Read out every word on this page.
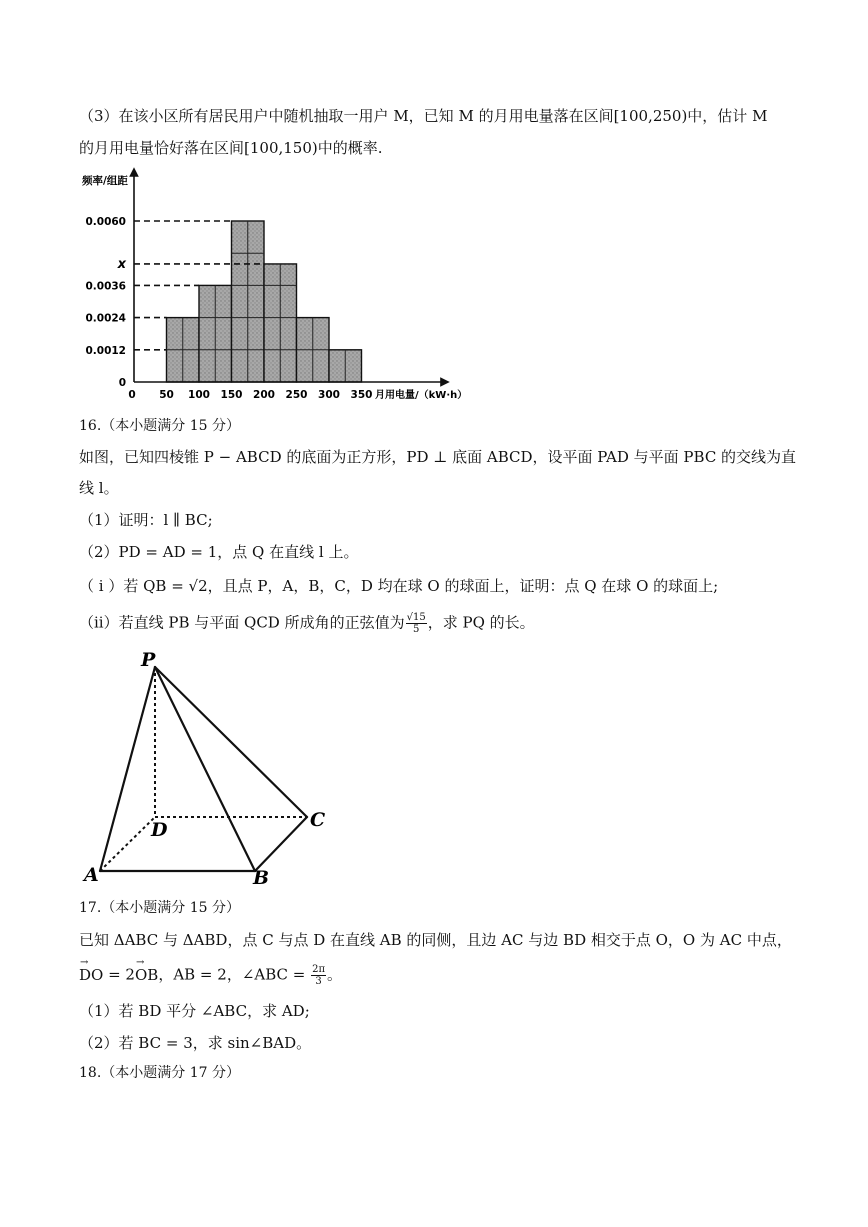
（3）在该小区所有居民用户中随机抽取一用户 M，已知 M 的月用电量落在区间[100,250)中，估计 M
的月用电量恰好落在区间[100,150)中的概率.
0.0060
x
0.0036
0.0024
0.0012
0
频率/组距
0 50 100 150 200 250 300 350 月用电量/（kW·h）
16.（本小题满分 15 分）
如图，已知四棱锥 P − ABCD 的底面为正方形，PD ⊥ 底面 ABCD，设平面 PAD 与平面 PBC 的交线为直
线 l。
（1）证明：l ∥ BC;
（2）PD = AD = 1，点 Q 在直线 l 上。
（ i ）若 QB = √2，且点 P，A，B，C，D 均在球 O 的球面上，证明：点 Q 在球 O 的球面上;
（ii）若直线 PB 与平面 QCD 所成角的正弦值为 $\frac{√15}{5}$ ，求 PQ 的长。
P
D	C
A	B
17.（本小题满分 15 分）
已知 ΔABC 与 ΔABD，点 C 与点 D 在直线 AB 的同侧，且边 AC 与边 BD 相交于点 O，O 为 AC 中点，
→ DO = 2→ OB，AB = 2，∠ABC = $\frac{2\pi}{3}$ 。
（1）若 BD 平分 ∠ABC，求 AD;
（2）若 BC = 3，求 sin∠BAD。
18.（本小题满分 17 分）
